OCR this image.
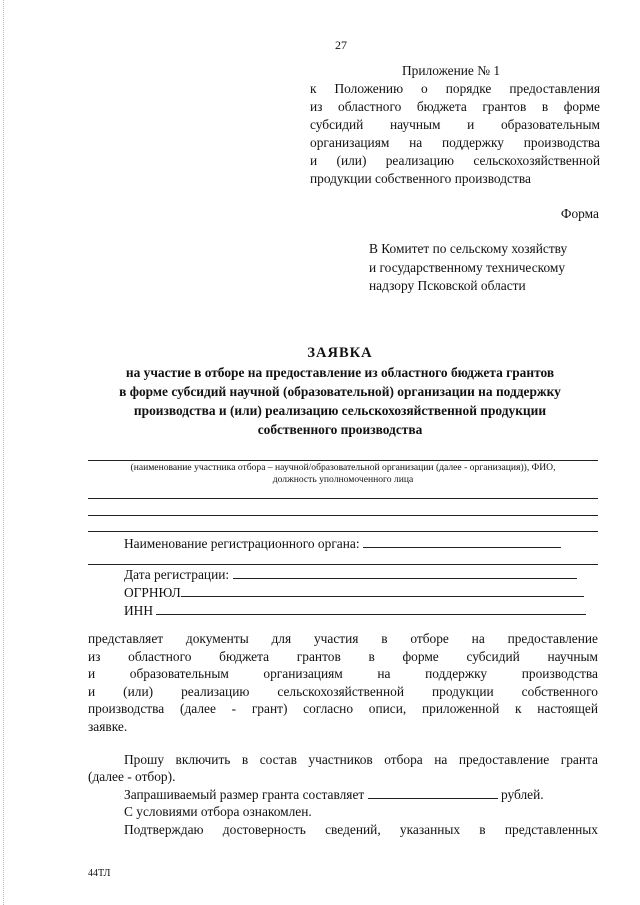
27
Приложение № 1
к Положению о порядке предоставления
из областного бюджета грантов в форме
субсидий научным и образовательным
организациям на поддержку производства
и (или) реализацию сельскохозяйственной
продукции собственного производства
Форма
В Комитет по сельскому хозяйству
и государственному техническому
надзору Псковской области
ЗАЯВКА
на участие в отборе на предоставление из областного бюджета грантов
в форме субсидий научной (образовательной) организации на поддержку
производства и (или) реализацию сельскохозяйственной продукции
собственного производства
(наименование участника отбора – научной/образовательной организации (далее - организация)), ФИО,
должность уполномоченного лица
Наименование регистрационного органа:
Дата регистрации:
ОГРНЮЛ
ИНН
представляет документы для участия в отборе на предоставление
из областного бюджета грантов в форме субсидий научным
и образовательным организациям на поддержку производства
и (или) реализацию сельскохозяйственной продукции собственного
производства (далее - грант) согласно описи, приложенной к настоящей
заявке.
Прошу включить в состав участников отбора на предоставление гранта
(далее - отбор).
Запрашиваемый размер гранта составляет	рублей.
С условиями отбора ознакомлен.
Подтверждаю достоверность сведений, указанных в представленных
44ТЛ
